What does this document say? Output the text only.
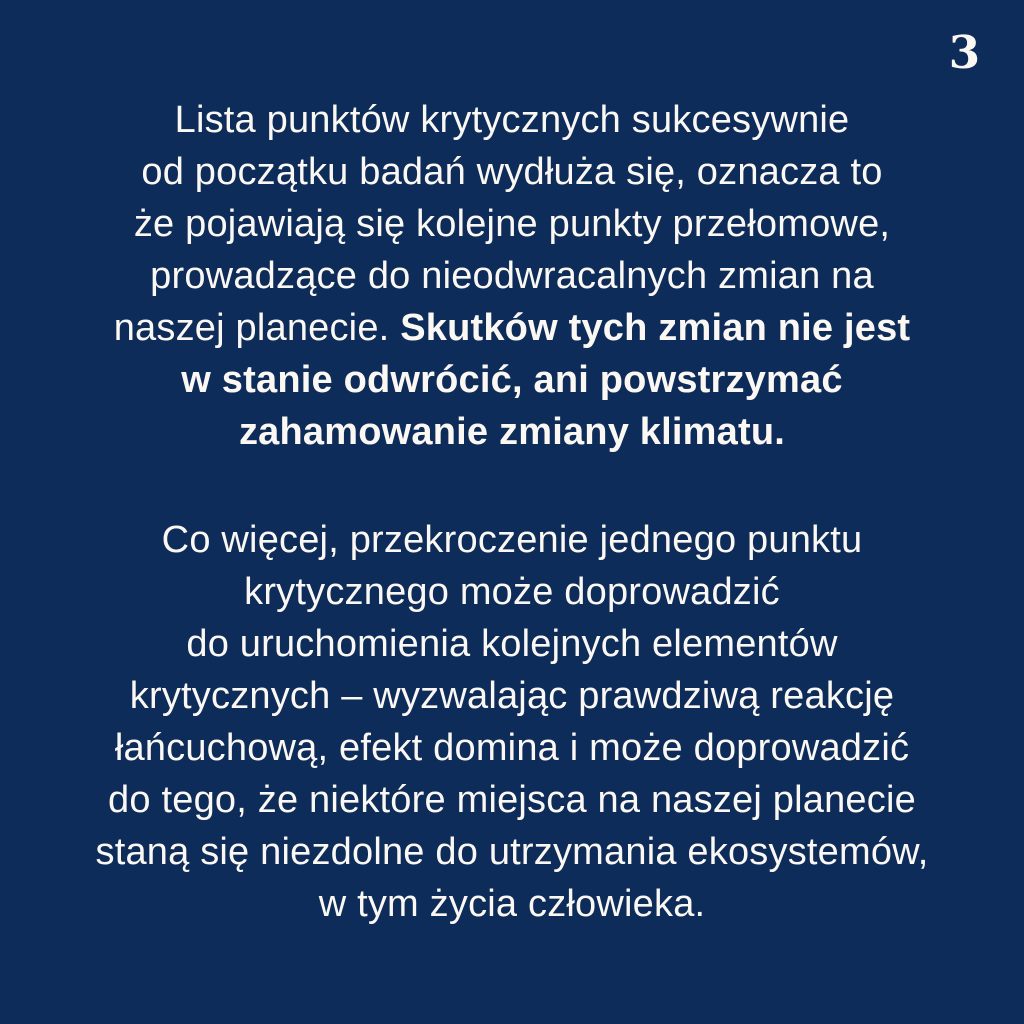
3
Lista punktów krytycznych sukcesywnie
od początku badań wydłuża się, oznacza to
że pojawiają się kolejne punkty przełomowe,
prowadzące do nieodwracalnych zmian na
naszej planecie. Skutków tych zmian nie jest
w stanie odwrócić, ani powstrzymać
zahamowanie zmiany klimatu.
Co więcej, przekroczenie jednego punktu
krytycznego może doprowadzić
do uruchomienia kolejnych elementów
krytycznych – wyzwalając prawdziwą reakcję
łańcuchową, efekt domina i może doprowadzić
do tego, że niektóre miejsca na naszej planecie
staną się niezdolne do utrzymania ekosystemów,
w tym życia człowieka.
